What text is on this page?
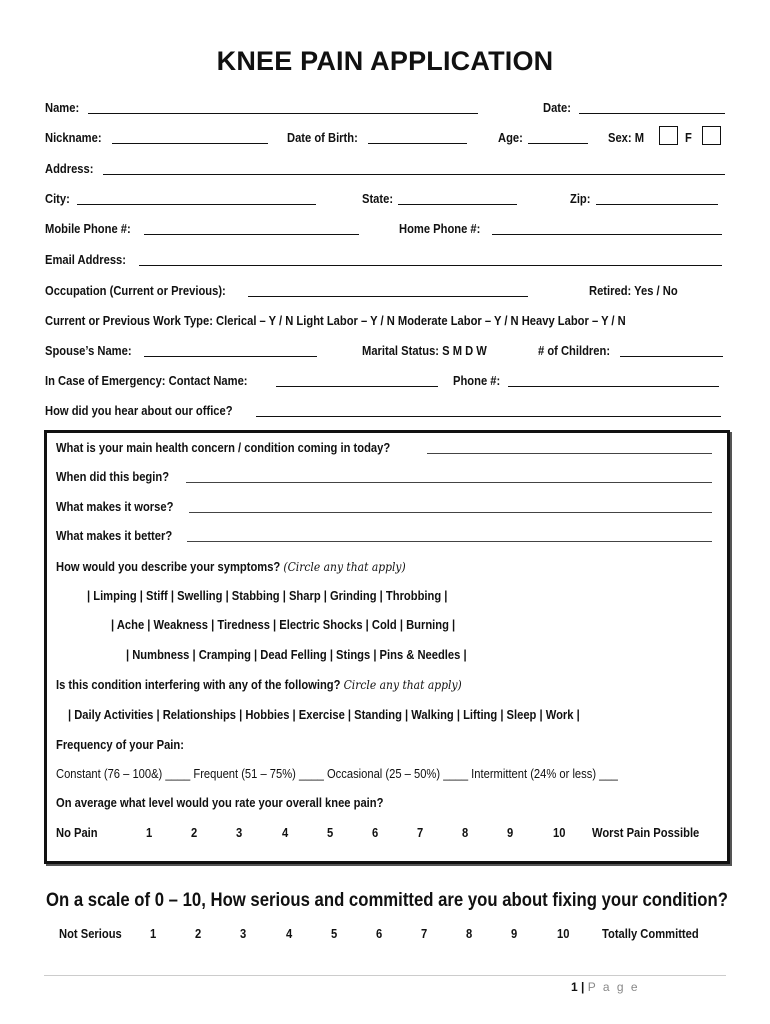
KNEE PAIN APPLICATION
Name:	Date:
Nickname:	Date of Birth:	Age:	Sex: M	F
Address:
City:	State:	Zip:
Mobile Phone #:	Home Phone #:
Email Address:
Occupation (Current or Previous):	Retired: Yes / No
Current or Previous Work Type: Clerical – Y / N Light Labor – Y / N Moderate Labor – Y / N Heavy Labor – Y / N
Spouse’s Name:	Marital Status: S M D W	# of Children:
In Case of Emergency: Contact Name:	Phone #:
How did you hear about our office?
What is your main health concern / condition coming in today?
When did this begin?
What makes it worse?
What makes it better?
How would you describe your symptoms? (Circle any that apply)
| Limping | Stiff | Swelling | Stabbing | Sharp | Grinding | Throbbing |
| Ache | Weakness | Tiredness | Electric Shocks | Cold | Burning |
| Numbness | Cramping | Dead Felling | Stings | Pins & Needles |
Is this condition interfering with any of the following? Circle any that apply)
| Daily Activities | Relationships | Hobbies | Exercise | Standing | Walking | Lifting | Sleep | Work |
Frequency of your Pain:
Constant (76 – 100&) ____ Frequent (51 – 75%) ____ Occasional (25 – 50%) ____ Intermittent (24% or less) ___
On average what level would you rate your overall knee pain?
No Pain	1	2	3	4	5	6	7	8	9	10 Worst Pain Possible
On a scale of 0 – 10, How serious and committed are you about fixing your condition?
Not Serious 1	2	3	4	5	6	7	8	9	10	Totally Committed
1 | P a g e
